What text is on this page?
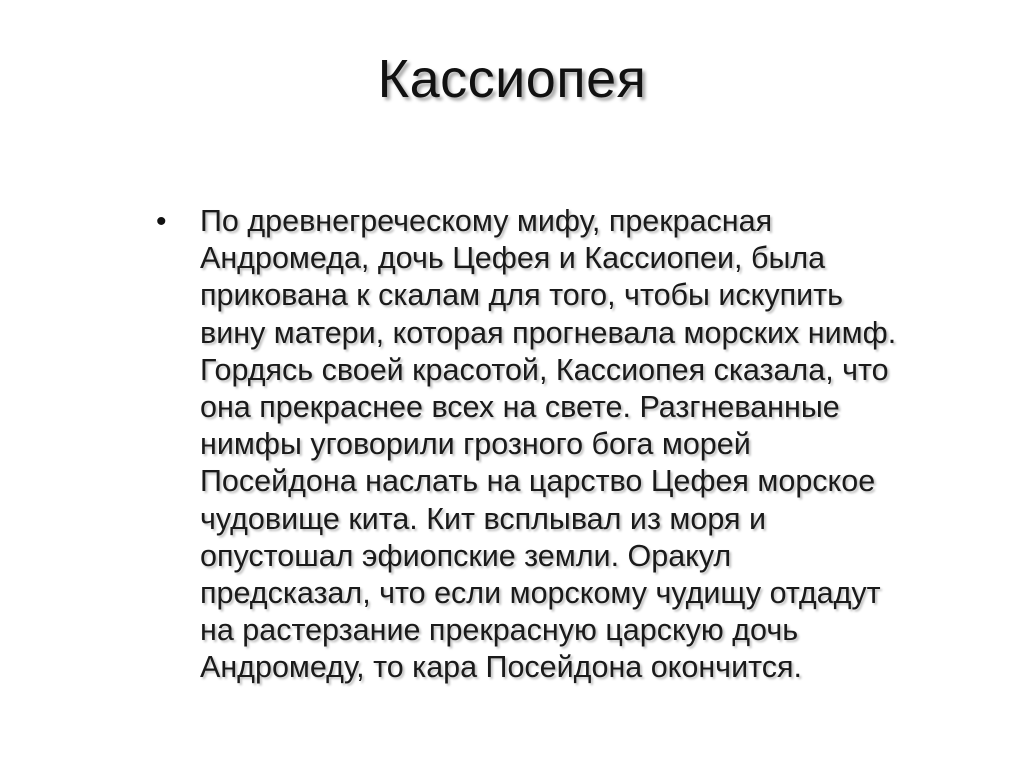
Кассиопея
• По древнегреческому мифу, прекрасная
Андромеда, дочь Цефея и Кассиопеи, была
прикована к скалам для того, чтобы искупить
вину матери, которая прогневала морских нимф.
Гордясь своей красотой, Кассиопея сказала, что
она прекраснее всех на свете. Разгневанные
нимфы уговорили грозного бога морей
Посейдона наслать на царство Цефея морское
чудовище кита. Кит всплывал из моря и
опустошал эфиопские земли. Оракул
предсказал, что если морскому чудищу отдадут
на растерзание прекрасную царскую дочь
Андромеду, то кара Посейдона окончится.
